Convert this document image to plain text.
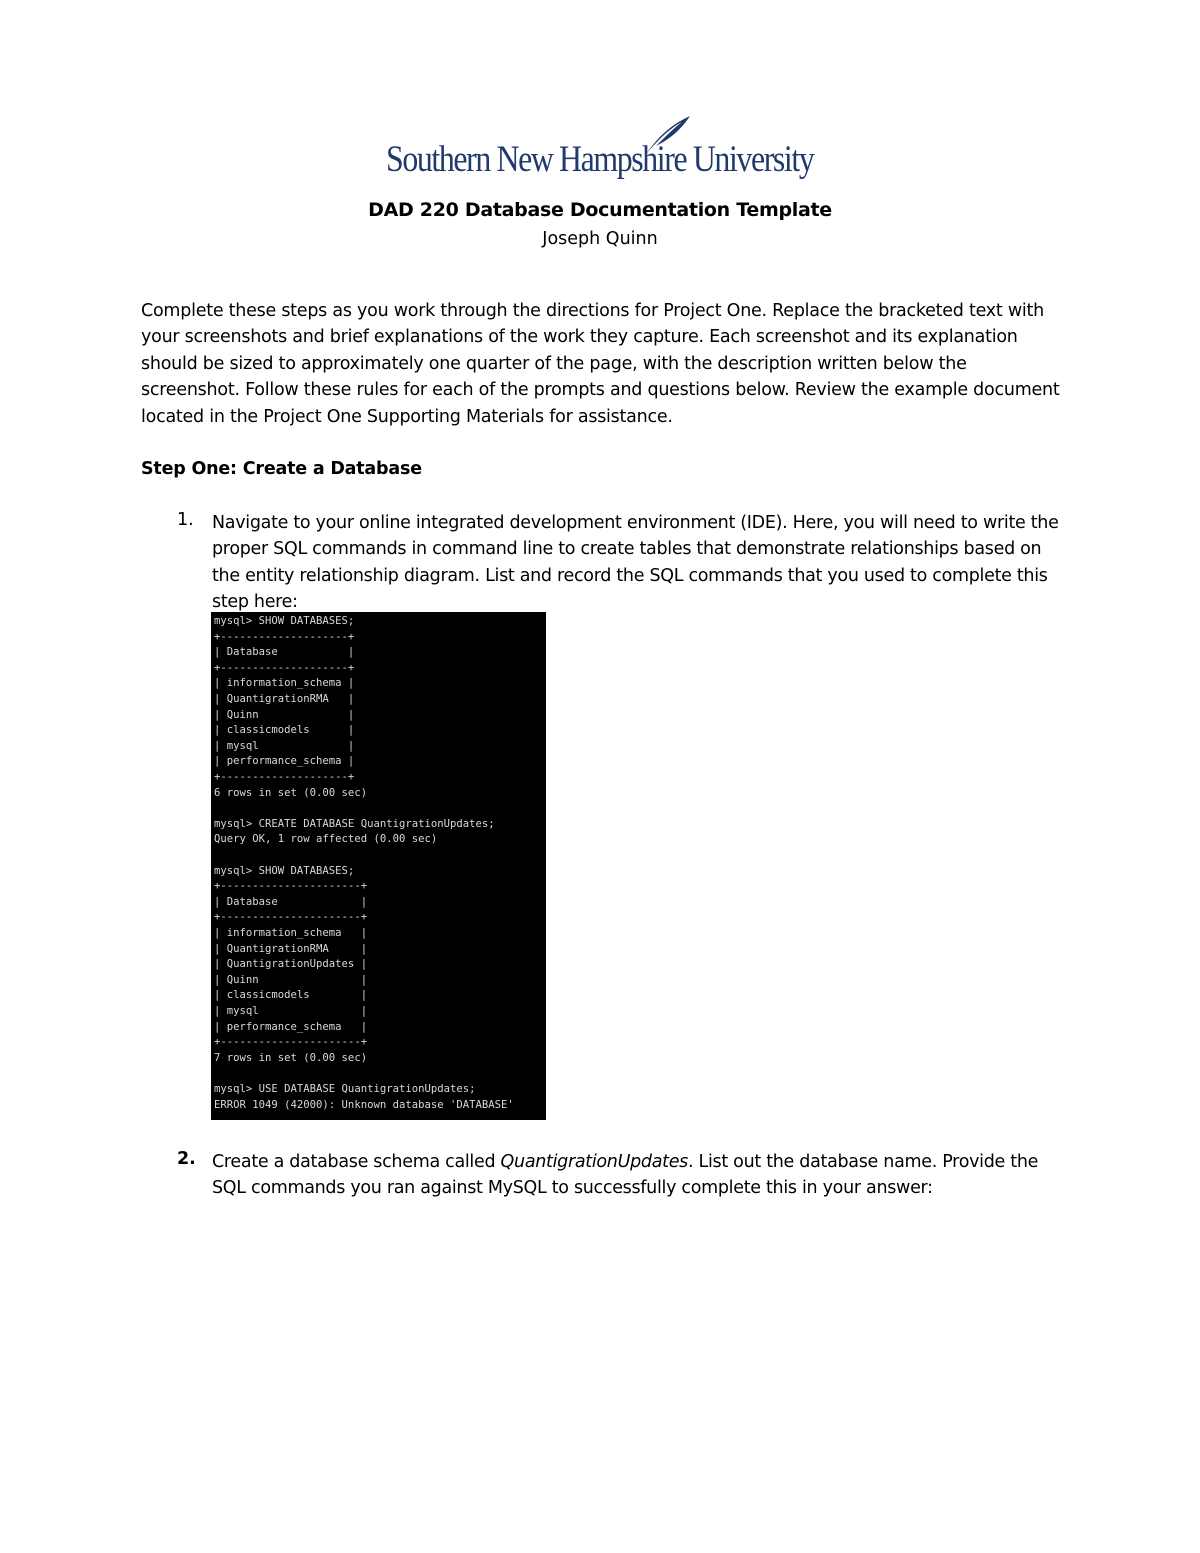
Southern New Hampshire University
DAD 220 Database Documentation Template
Joseph Quinn

Complete these steps as you work through the directions for Project One. Replace the bracketed text with your screenshots and brief explanations of the work they capture. Each screenshot and its explanation should be sized to approximately one quarter of the page, with the description written below the screenshot. Follow these rules for each of the prompts and questions below. Review the example document located in the Project One Supporting Materials for assistance.

Step One: Create a Database
1. Navigate to your online integrated development environment (IDE). Here, you will need to write the proper SQL commands in command line to create tables that demonstrate relationships based on the entity relationship diagram. List and record the SQL commands that you used to complete this step here:

mysql> SHOW DATABASES;
+--------------------+
| Database           |
+--------------------+
| information_schema |
| QuantigrationRMA   |
| Quinn              |
| classicmodels      |
| mysql              |
| performance_schema |
+--------------------+
6 rows in set (0.00 sec)
mysql> CREATE DATABASE QuantigrationUpdates;
Query OK, 1 row affected (0.00 sec)
mysql> SHOW DATABASES;
+----------------------+
| Database             |
+----------------------+
| information_schema   |
| QuantigrationRMA     |
| QuantigrationUpdates |
| Quinn                |
| classicmodels        |
| mysql                |
| performance_schema   |
+----------------------+
7 rows in set (0.00 sec)
mysql> USE DATABASE QuantigrationUpdates;
ERROR 1049 (42000): Unknown database 'DATABASE'
2. Create a database schema called QuantigrationUpdates. List out the database name. Provide the SQL commands you ran against MySQL to successfully complete this in your answer:
